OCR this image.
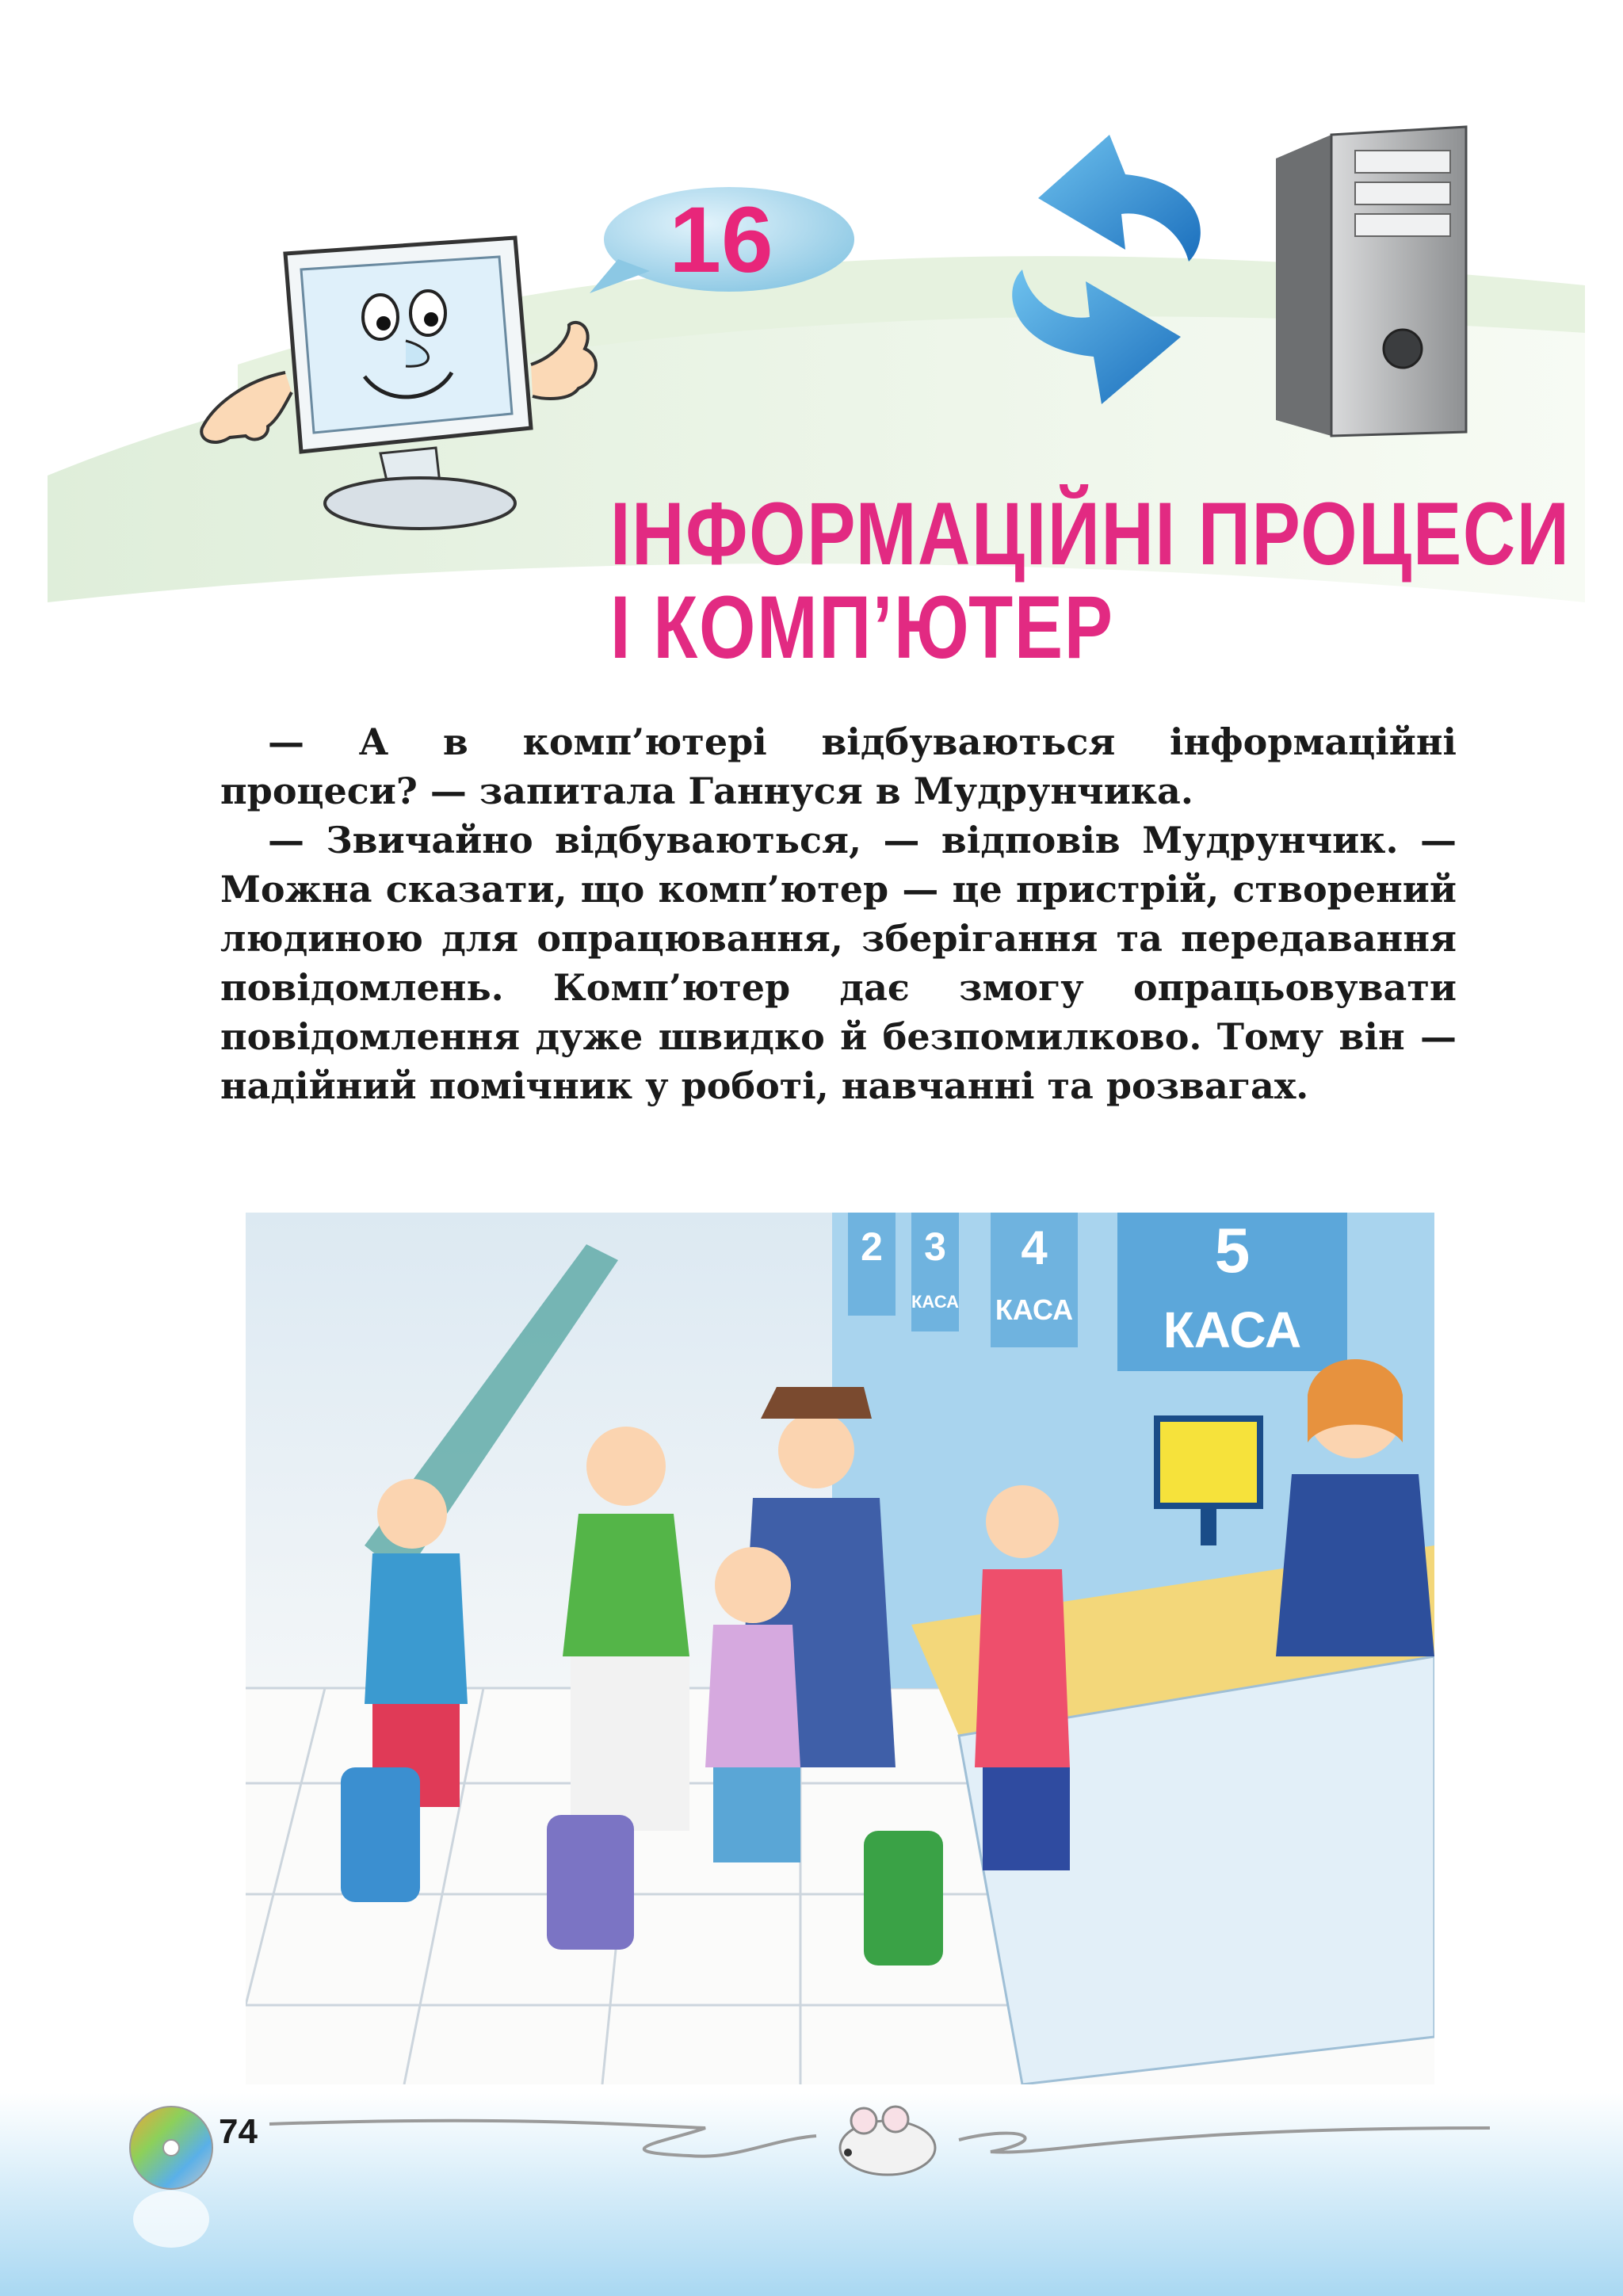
16
ІНФОРМАЦІЙНІ ПРОЦЕСИ
І КОМП’ЮТЕР

— А в комп’ютері відбуваються інформаційні процеси? — запитала Ганнуся в Мудрунчика.

— Звичайно відбуваються, — відповів Мудрунчик. — Можна сказати, що комп’ютер — це пристрій, створений людиною для опрацювання, зберігання та передавання повідомлень. Комп’ютер дає змогу опрацьовувати повідомлення дуже швидко й безпомилково. Тому він — надійний помічник у роботі, навчанні та розвагах.

2 3
КАСА
4
КАСА
5
КАСА
74
